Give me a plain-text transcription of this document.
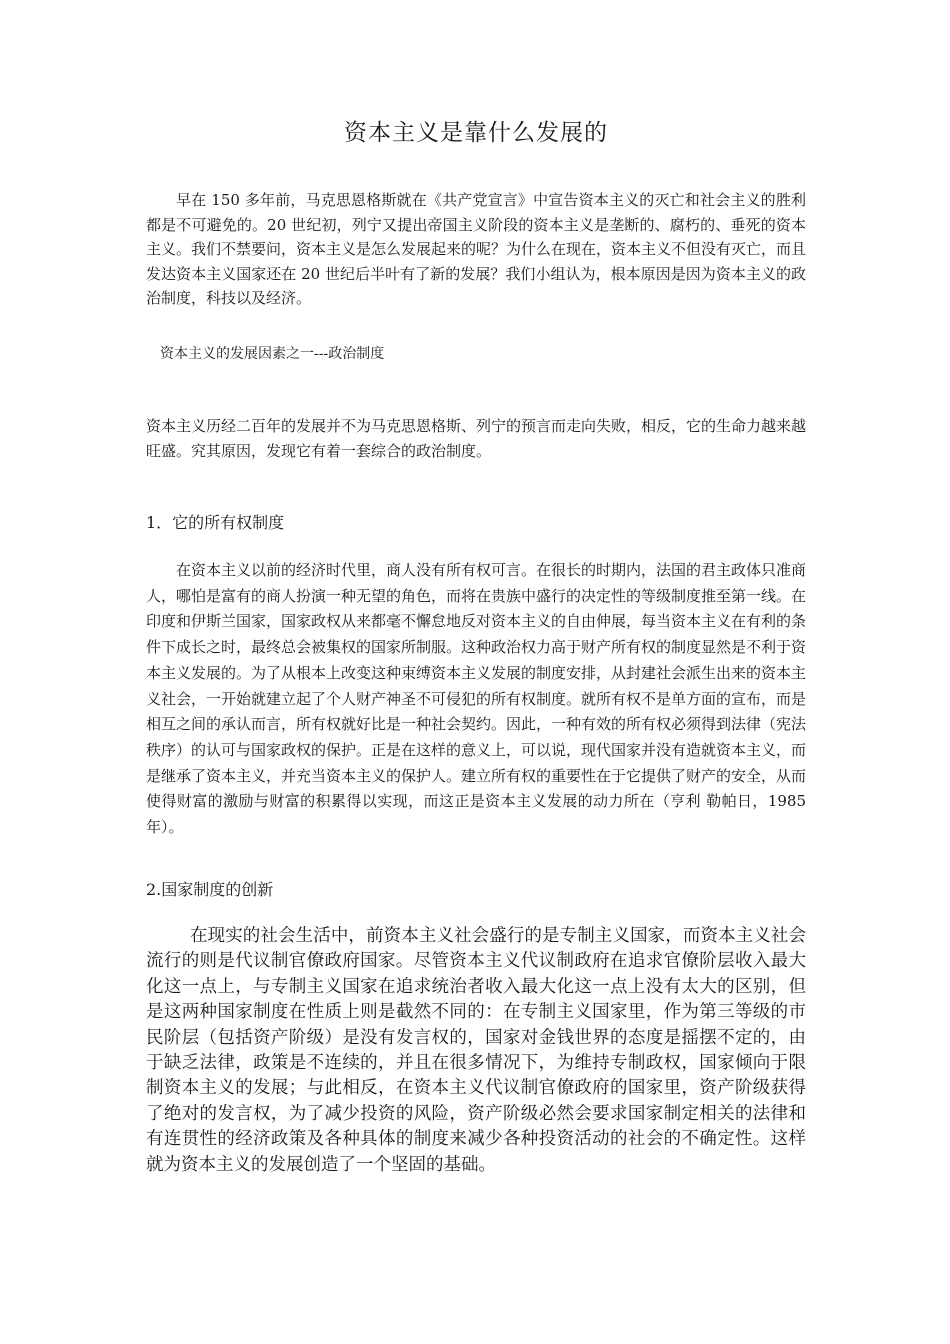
资本主义是靠什么发展的
早在 150 多年前，马克思恩格斯就在《共产党宣言》中宣告资本主义的灭亡和社会主义的胜利都是不可避免的。20 世纪初，列宁又提出帝国主义阶段的资本主义是垄断的、腐朽的、垂死的资本主义。我们不禁要问，资本主义是怎么发展起来的呢？为什么在现在，资本主义不但没有灭亡，而且发达资本主义国家还在 20 世纪后半叶有了新的发展？我们小组认为，根本原因是因为资本主义的政治制度，科技以及经济。
资本主义的发展因素之一---政治制度
资本主义历经二百年的发展并不为马克思恩格斯、列宁的预言而走向失败，相反，它的生命力越来越旺盛。究其原因，发现它有着一套综合的政治制度。
1．它的所有权制度
在资本主义以前的经济时代里，商人没有所有权可言。在很长的时期内，法国的君主政体只准商人，哪怕是富有的商人扮演一种无望的角色，而将在贵族中盛行的决定性的等级制度推至第一线。在印度和伊斯兰国家，国家政权从来都毫不懈怠地反对资本主义的自由伸展，每当资本主义在有利的条件下成长之时，最终总会被集权的国家所制服。这种政治权力高于财产所有权的制度显然是不利于资本主义发展的。为了从根本上改变这种束缚资本主义发展的制度安排，从封建社会派生出来的资本主义社会，一开始就建立起了个人财产神圣不可侵犯的所有权制度。就所有权不是单方面的宣布，而是相互之间的承认而言，所有权就好比是一种社会契约。因此，一种有效的所有权必须得到法律（宪法秩序）的认可与国家政权的保护。正是在这样的意义上，可以说，现代国家并没有造就资本主义，而是继承了资本主义，并充当资本主义的保护人。建立所有权的重要性在于它提供了财产的安全，从而使得财富的激励与财富的积累得以实现，而这正是资本主义发展的动力所在（亨利 勒帕日，1985 年）。
2.国家制度的创新
在现实的社会生活中，前资本主义社会盛行的是专制主义国家，而资本主义社会流行的则是代议制官僚政府国家。尽管资本主义代议制政府在追求官僚阶层收入最大化这一点上，与专制主义国家在追求统治者收入最大化这一点上没有太大的区别，但是这两种国家制度在性质上则是截然不同的：在专制主义国家里，作为第三等级的市民阶层（包括资产阶级）是没有发言权的，国家对金钱世界的态度是摇摆不定的，由于缺乏法律，政策是不连续的，并且在很多情况下，为维持专制政权，国家倾向于限制资本主义的发展；与此相反，在资本主义代议制官僚政府的国家里，资产阶级获得了绝对的发言权，为了减少投资的风险，资产阶级必然会要求国家制定相关的法律和有连贯性的经济政策及各种具体的制度来减少各种投资活动的社会的不确定性。这样就为资本主义的发展创造了一个坚固的基础。
